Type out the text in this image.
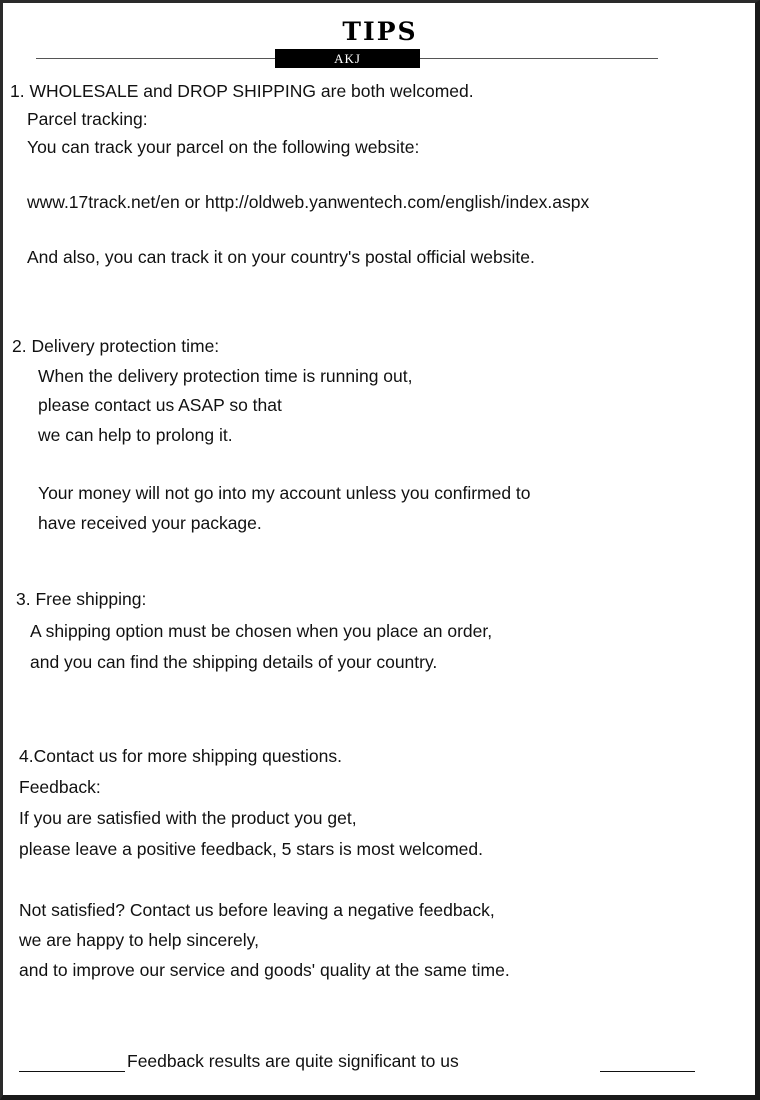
TIPS
AKJ
1. WHOLESALE and DROP SHIPPING are both welcomed.
Parcel tracking:
You can track your parcel on the following website:
www.17track.net/en or http://oldweb.yanwentech.com/english/index.aspx
And also, you can track it on your country's postal official website.
2. Delivery protection time:
When the delivery protection time is running out,
please contact us ASAP so that
we can help to prolong it.
Your money will not go into my account unless you confirmed to
have received your package.
3. Free shipping:
A shipping option must be chosen when you place an order,
and you can find the shipping details of your country.
4.Contact us for more shipping questions.
Feedback:
If you are satisfied with the product you get,
please leave a positive feedback, 5 stars is most welcomed.
Not satisfied? Contact us before leaving a negative feedback,
we are happy to help sincerely,
and to improve our service and goods' quality at the same time.
Feedback results are quite significant to us
